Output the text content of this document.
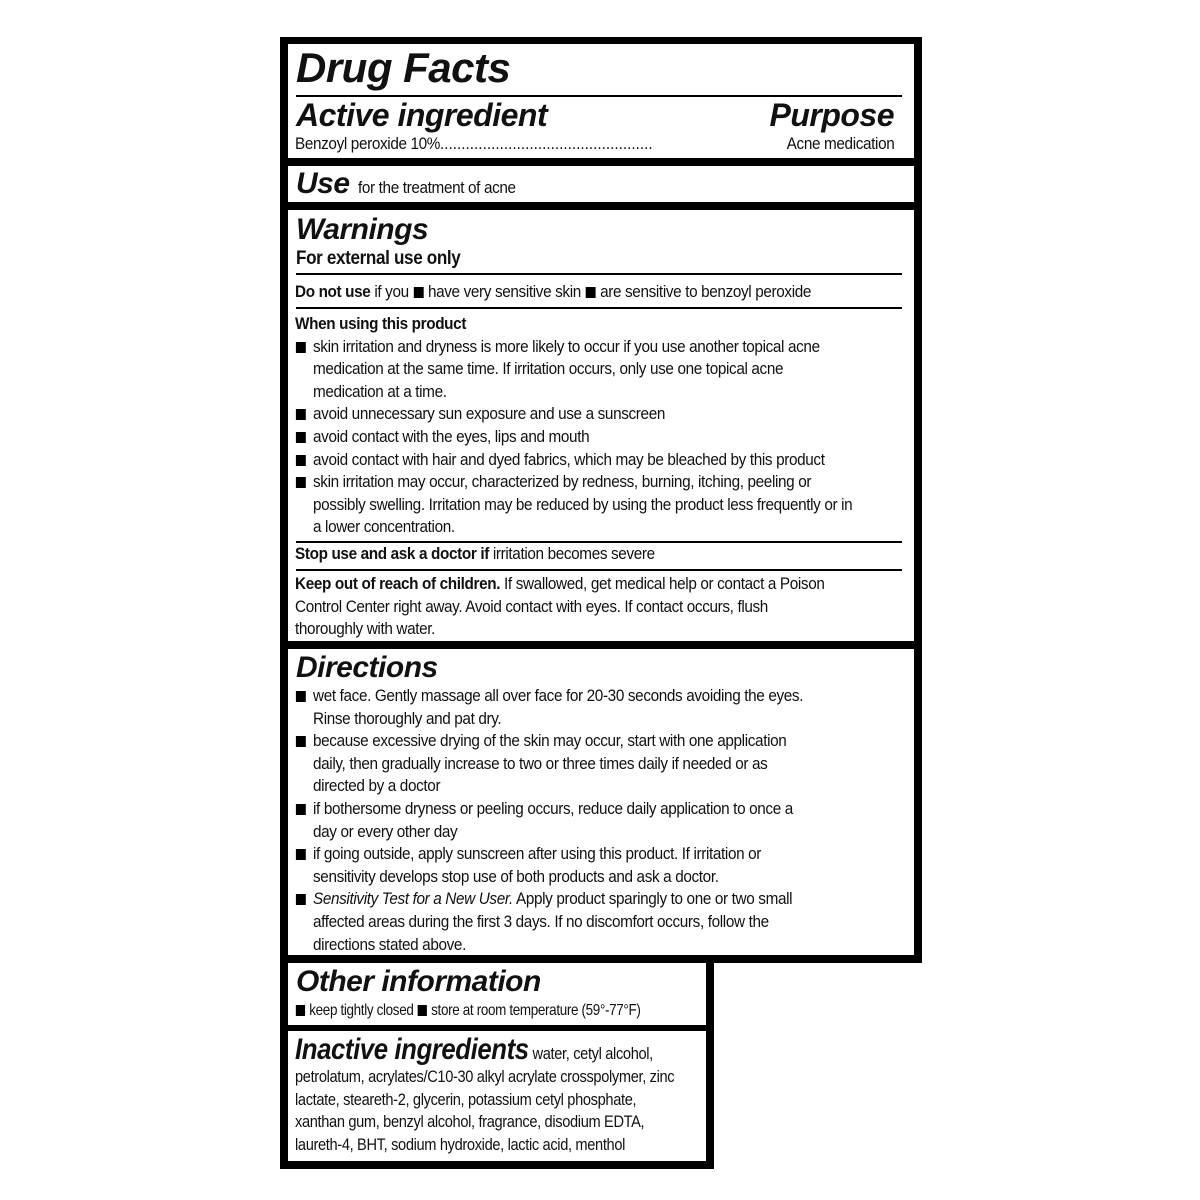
Drug Facts
Active ingredient	Purpose
Benzoyl peroxide 10% ..................................................	Acne medication
Use for the treatment of acne
Warnings
For external use only
Do not use if you have very sensitive skin are sensitive to benzoyl peroxide
When using this product
skin irritation and dryness is more likely to occur if you use another topical acne medication at the same time. If irritation occurs, only use one topical acne medication at a time.
avoid unnecessary sun exposure and use a sunscreen
avoid contact with the eyes, lips and mouth
avoid contact with hair and dyed fabrics, which may be bleached by this product
skin irritation may occur, characterized by redness, burning, itching, peeling or possibly swelling. Irritation may be reduced by using the product less frequently or in a lower concentration.
Stop use and ask a doctor if irritation becomes severe
Keep out of reach of children. If swallowed, get medical help or contact a Poison Control Center right away. Avoid contact with eyes. If contact occurs, flush thoroughly with water.
Directions
wet face. Gently massage all over face for 20-30 seconds avoiding the eyes. Rinse thoroughly and pat dry.
because excessive drying of the skin may occur, start with one application daily, then gradually increase to two or three times daily if needed or as directed by a doctor
if bothersome dryness or peeling occurs, reduce daily application to once a day or every other day
if going outside, apply sunscreen after using this product. If irritation or sensitivity develops stop use of both products and ask a doctor.
Sensitivity Test for a New User. Apply product sparingly to one or two small affected areas during the first 3 days. If no discomfort occurs, follow the directions stated above.
Other information
keep tightly closed store at room temperature (59°-77°F)
Inactive ingredients water, cetyl alcohol, petrolatum, acrylates/C10-30 alkyl acrylate crosspolymer, zinc lactate, steareth-2, glycerin, potassium cetyl phosphate, xanthan gum, benzyl alcohol, fragrance, disodium EDTA, laureth-4, BHT, sodium hydroxide, lactic acid, menthol
